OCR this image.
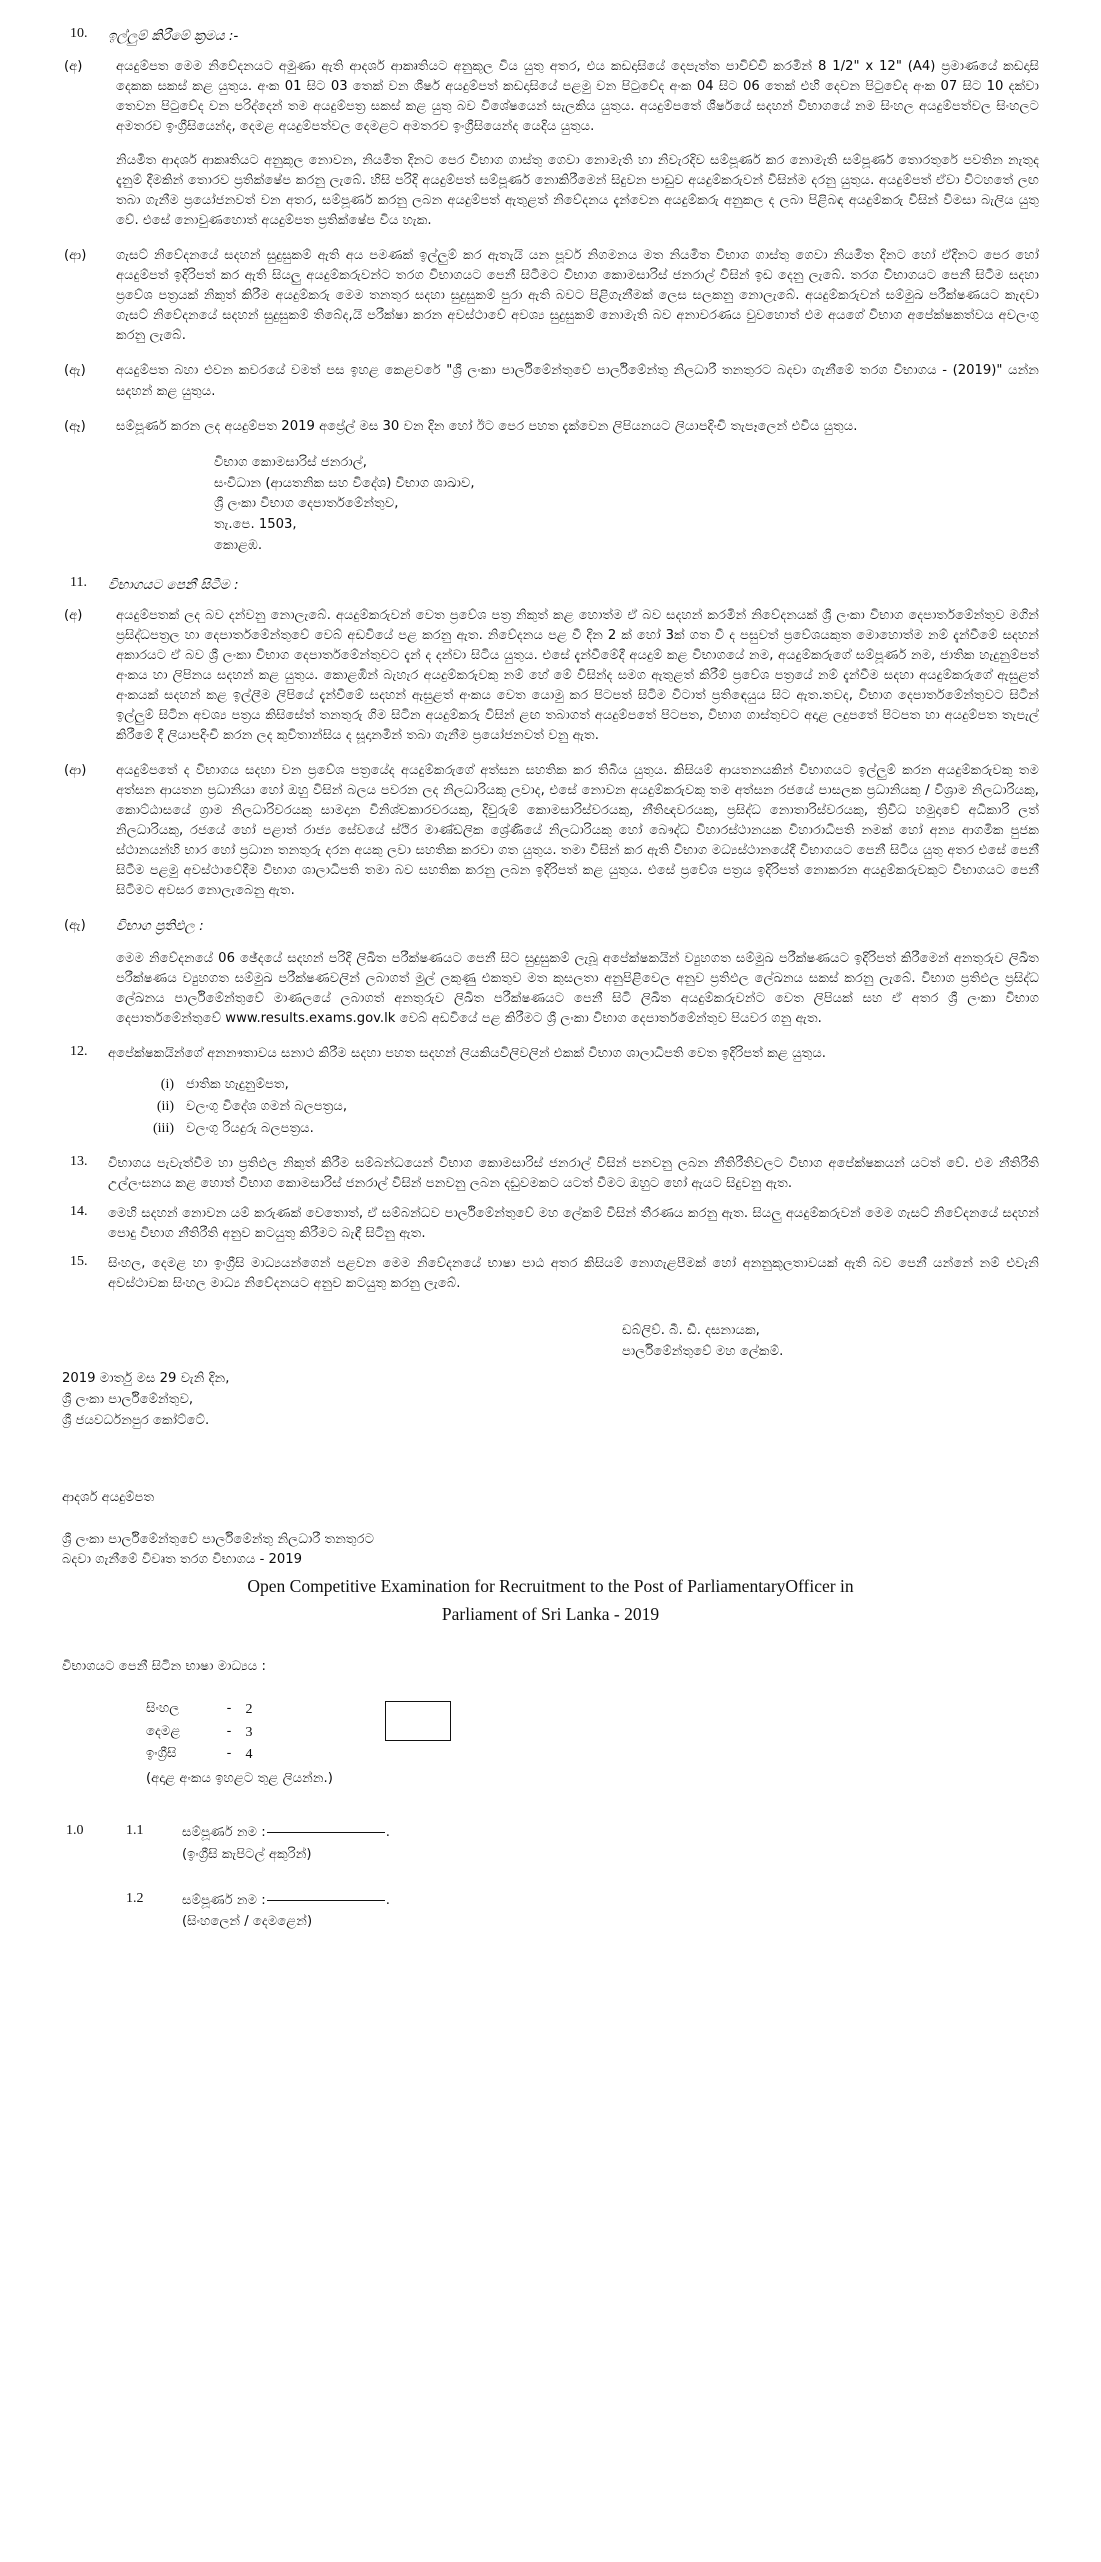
10.	ඉල්ලුම් කිරීමේ ක්‍රමය :-
(අ)	අයදුම්පත මෙම නිවේදනයට අමුණා ඇති ආදර්ශ ආකෘතියට අනුකූල විය යුතු අතර, එය කඩදාසියේ දෙපැත්ත පාවිච්චි කරමින් 8 1/2" x 12" (A4) ප්‍රමාණයේ කඩදාසි දෙකක සකස් කළ යුතුය. අංක 01 සිට 03 තෙක් වන ශීර්ෂ අයදුම්පත් කඩදාසියේ පළමු වන පිටුවේද අංක 04 සිට 06 තෙක් එහි දෙවන පිටුවේද අංක 07 සිට 10 දක්වා තෙවන පිටුවේද වන පරිද්දෙන් තම අයදුම්පත්‍ර සකස් කළ යුතු බව විශේෂයෙන් සැලකිය යුතුය. අයදුම්පතේ ශීර්ෂයේ සදහන් විභාගයේ නම සිංහල අයදුම්පත්වල සිංහලට අමතරව ඉංග්‍රීසියෙන්ද, දෙමළ අයදුම්පත්වල දෙමළට අමතරව ඉංග්‍රීසියෙන්ද යෙදිය යුතුය.

නියමිත ආදර්ශ ආකෘතියට අනුකූල නොවන, නියමිත දිනට පෙර විභාග ගාස්තු ගෙවා නොමැති හා නිවැරදිව සම්පූර්ණ කර නොමැති සම්පූර්ණ තොරතුරේ පවතින නැතුද දැනුම් දීමකින් තොරව ප්‍රතික්ෂේප කරනු ලැබේ. හිසි පරිදි අයදුම්පත් සම්පූර්ණ නොකිරීමෙන් සිදුවන පාඩුව අයදුම්කරුවන් විසින්ම දරනු යුතුය. අයදුම්පත් ඒවා විටහතේ ලඟ තබා ගැනීම ප්‍රයෝජනවත් වන අතර, සම්පූර්ණ කරනු ලබන අයදුම්පත් ඇතුළත් නිවේදනය දැන්වෙන අයදුම්කරු අනුකල ද ලබා පිළිබඳ අයදුම්කරු විසින් විමසා බැලිය යුතු වේ. එසේ නොවුණහොත් අයදුම්පත ප්‍රතික්ෂේප විය හැක.

(ආ)	ගැසට් නිවේදනයේ සදහන් සුදුසුකම් ඇති අය පමණක් ඉල්ලුම් කර ඇතැයි යන පූර්ව නිගමනය මත නියමිත විභාග ගාස්තු ගෙවා නියමිත දිනට හෝ ඒදිනට පෙර හෝ අයදුම්පත් ඉදිරිපත් කර ඇති සියලු අයදුම්කරුවන්ට තරග විභාගයට පෙනී සිටීමට විභාග කොමසාරිස් ජනරාල් විසින් ඉඩ දෙනු ලැබේ. තරග විභාගයට පෙනී සිටීම සදහා ප්‍රවේශ පත්‍රයක් නිකුත් කිරීම අයදුම්කරු මෙම තනතුර සදහා සුදුසුකම් පුරා ඇති බවට පිළිගැනීමක් ලෙස සලකනු නොලැබේ. අයදුම්කරුවන් සම්මුඛ පරීක්ෂණයට කැදවා ගැසට් නිවේදනයේ සදහන් සුදුසුකම් තිබේද,යි පරීක්ෂා කරන අවස්ථාවේ අවශ්‍ය සුදුසුකම් නොමැති බව අනාවරණය වුවහොත් එම අයගේ විභාග අපේක්ෂකත්වය අවලංගු කරනු ලැබේ.

(ඇ)	අයදුම්පත බහා එවන කවරයේ වමත් පස ඉහළ කෙළවරේ "ශ්‍රී ලංකා පාර්ලිමේන්තුවේ පාර්ලිමේන්තු නිලධාරී තනතුරට බදවා ගැනීමේ තරග විභාගය - (2019)" යන්න සදහන් කළ යුතුය.

(ඈ)	සම්පූර්ණ කරන ලද අයදුම්පත 2019 අප්‍රේල් මස 30 වන දින හෝ ඊට පෙර පහත දැක්වෙන ලිපියනයට ලියාපදිංචි තැපෑලෙන් එවිය යුතුය.

විභාග කොමසාරිස් ජනරාල්,
සංවිධාන (ආයතනික සහ විදේශ) විභාග ශාඛාව,
ශ්‍රී ලංකා විභාග දෙපාර්තමේන්තුව,
තැ.පෙ. 1503,
කොළඹ.
11.	විභාගයට පෙනී සිටීම :
(අ)	අයදුම්පතක් ලද බව දන්වනු නොලැබේ. අයදුම්කරුවන් වෙත ප්‍රවේශ පත්‍ර නිකුත් කළ හොත්ම ඒ බව සදහන් කරමින් නිවේදනයක් ශ්‍රී ලංකා විභාග දෙපාර්තමේන්තුව මගින් ප්‍රසිද්ධපත්‍රල හා දෙපාර්තමේන්තුවේ වෙබ් අඩවියේ පළ කරනු ඇත. නිවේදනය පළ වී දින 2 ක් හෝ 3ක් ගත වී ද පසුවත් ප්‍රවේශයකුත මොහොත්ම නම් දැන්වීමේ සදහන් අකාරයට ඒ බව ශ්‍රී ලංකා විභාග දෙපාර්තමේන්තුවට දැන් ද දන්වා සිටිය යුතුය. එසේ දැන්වීමේදී අයදුම් කළ විභාගයේ නම, අයදුම්කරුගේ සම්පූර්ණ නම, ජාතික හැදුනුම්පත් අංකය හා ලිපිනය සදහන් කළ යුතුය. කොළඹින් බැහැර අයදුම්කරුවකු නම් හේ මේ විසින්ද සමග ඇතුළත් කිරීම් ප්‍රවේශ පත්‍රයේ නම් දැන්වීම සදහා අයදුම්කරුගේ ඇසුළත් අංකයක් සදහන් කළ ඉල්ලීම ලිපියේ දැන්වීමේ සදහන් ඇසුළත් අංකය වෙත යොමු කර පිටපත් සිටිම විටාත් ප්‍රතිඳෙයුය සිට ඇත.තවද, විභාග දෙපාර්තමේන්තුවට සිටින් ඉල්ලුම් සිටින අවශ්‍ය පත්‍රය කිසිසේත් තනතුරු ගිම සිටින අයදුම්කරු විසින් ළඟ තබාගත් අයදුම්පතේ පිටපත, විභාග ගාස්තුවට අදාළ ලදුපතේ පිටපත හා අයදුම්පත තැපැල් කිරීමේ දී ලියාපදිංචි කරන ලද කුවිතාන්සිය ද සූදානමින් තබා ගැනීම ප්‍රයෝජනවත් වනු ඇත.

(ආ)	අයදුම්පතේ ද විභාගය සදහා වන ප්‍රවේශ පත්‍රයේද අයදුම්කරුගේ අත්සන සහතික කර තිබිය යුතුය. කිසියම් ආයතනයකින් විභාගයට ඉල්ලුම් කරන අයදුම්කරුවකු තම අත්සන ආයතන ප්‍රධානියා හෝ ඔහු විසින් බලය පවරන ලද නිලධාරියකු ලවාද, එසේ නොවන අයදුම්කරුවකු තම අත්සන රජයේ පාසලක ප්‍රධානියකු / විශ්‍රාම නිලධාරියකු, කොට්ඨාසයේ ග්‍රාම නිලධාරිවරයකු සාමදාන විනිශ්චකාරවරයකු, දිවුරුම් කොමසාරිස්වරයකු, නීතිඥවරයකු, ප්‍රසිද්ධ නොතාරිස්වරයකු, ත්‍රිවිධ හමුදාවේ අධිකාරි ලත් නිලධාරියකු, රජයේ හෝ පළාත් රාජ්‍ය සේවයේ ස්ථිර මාණ්ඩලික ශ්‍රේණියේ නිලධාරියකු හෝ බෞද්ධ විහාරස්ථානයක විහාරාධිපති නමක් හෝ අන්‍ය ආගමික පුජක ස්ථානයන්හි භාර හෝ ප්‍රධාන තනතුරු දරන අයකු ලවා සහතික කරවා ගත යුතුය. තමා විසින් කර ඇති විභාග මධ්‍යස්ථානයේදී විභාගයට පෙනී සිටිය යුතු අතර එසේ පෙනී සිටීම පළමු අවස්ථාවේදීම විභාග ශාලාධිපති තමා බව සහතික කරනු ලබන ඉදිරිපත් කළ යුතුය. එසේ ප්‍රවේශ පත්‍රය ඉදිරිපත් නොකරන අයදුම්කරුවකුට විභාගයට පෙනී සිටිමට අවසර නොලැබෙනු ඇත.

(ඇ)	විභාග ප්‍රතිඵල :

මෙම නිවේදනයේ 06 ඡේදයේ සදහන් පරිදි ලිඛිත පරීක්ෂණයට පෙනී සිට සුදුසුකම් ලැබූ අපේක්ෂකයින් ව්‍යුහගත සම්මුඛ පරීක්ෂණයට ඉදිරිපත් කිරීමෙන් අනතුරුව ලිඛිත පරීක්ෂණය ව්‍යුහගත සම්මුඛ පරීක්ෂණවලින් ලබාගත් මුල් ලකුණු එකතුව මත කුසලතා අනුපිළිවෙල අනුව ප්‍රතිඵල ලේඛනය සකස් කරනු ලැබේ. විභාග ප්‍රතිඵල ප්‍රසිද්ධ ලේඛනය පාර්ලිමේන්තුවේ මාණලයේ ලබාගත් අනතුරුව ලිඛිත පරීක්ෂණයට පෙනී සිටි ලිඛිත අයදුම්කරුවන්ට වෙත ලිපියක් සහ ඒ අතර ශ්‍රී ලංකා විභාග දෙපාර්තමේන්තුවේ www.results.exams.gov.lk වෙබ් අඩවියේ පළ කිරීමට ශ්‍රී ලංකා විභාග දෙපාර්තමේන්තුව පියවර ගනු ඇත.

12.	අපේක්ෂකයින්ගේ අනනෟතාවය සනාථ කිරීම සදහා පහත සදහන් ලියකියවිලිවලින් එකක් විභාග ශාලාධිපති වෙත ඉදිරිපත් කළ යුතුය.

(i) ජාතික හැදුනුම්පත,
(ii) වලංගු විදේශ ගමන් බලපත්‍රය,
(iii) වලංගු රියදුරු බලපත්‍රය.
13.	විභාගය පැවැත්වීම හා ප්‍රතිඵල නිකුත් කිරීම සම්බන්ධයෙන් විභාග කොමසාරිස් ජනරාල් විසින් පනවනු ලබන නීතිරීතිවලට විභාග අපේක්ෂකයන් යටත් වේ. එම නීතිරීති උල්ලංසනය කළ හොත් විභාග කොමසාරිස් ජනරාල් විසින් පනවනු ලබන දඩුවමකට යටත් වීමට ඔහුට හෝ ඇයට සිදුවනු ඇත.

14.	මෙහි සදහන් නොවන යම් කරුණක් වෙතොත්, ඒ සම්බන්ධව පාර්ලිමේන්තුවේ මහ ලේකම් විසින් තීරණය කරනු ඇත. සියලු අයදුම්කරුවන් මෙම ගැසට් නිවේදනයේ සදහන් පොදු විභාග නීතිරීති අනුව කටයුතු කිරීමට බැඳී සිටිනු ඇත.

15.	සිංහල, දෙමළ හා ඉංග්‍රීසි මාධ්‍යයන්ගෙන් පළවන මෙම නිවේදනයේ භාෂා පාඨ අතර කිසියම් නොගැළපීමක් හෝ අනනුකූලතාවයක් ඇති බව පෙනී යන්නේ නම් එවැනි අවස්ථාවක සිංහල මාධ්‍ය නිවේදනයට අනුව කටයුතු කරනු ලැබේ.

ඩබ්ලිව්. බී. ඩී. දසනායක,
පාර්ලිමේන්තුවේ මහ ලේකම්.
2019 මාර්තු මස 29 වැනි දින,
ශ්‍රී ලංකා පාර්ලිමේන්තුව,
ශ්‍රී ජයවර්ධනපුර කෝට්ටේ.
ආදර්ශ අයදුම්පත
ශ්‍රී ලංකා පාර්ලිමේන්තුවේ පාර්ලිමේන්තු නිලධාරී තනතුරට
බදවා ගැනීමේ විවෘත තරග විභාගය - 2019
Open Competitive Examination for Recruitment to the Post of ParliamentaryOfficer in
Parliament of Sri Lanka - 2019
විභාගයට පෙනී සිටින භාෂා මාධ්‍යය :
සිංහල	-	2
දෙමළ	-	3
ඉංග්‍රීසි	-	4
(අදාළ අංකය ඉහළට තුළ ලියන්න.)
1.0	1.1	සම්පූර්ණ නම :	.
(ඉංග්‍රීසි කැපිටල් අකුරින්)
1.2	සම්පූර්ණ නම :	.
(සිංහලෙන් / දෙමළෙන්)
